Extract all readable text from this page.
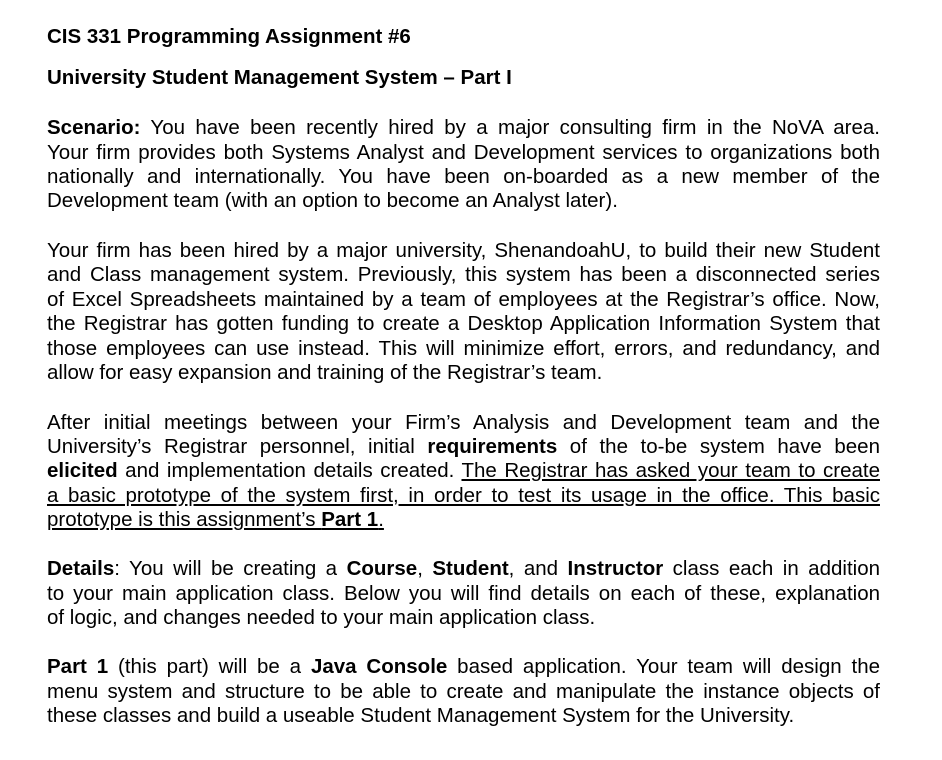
CIS 331 Programming Assignment #6
University Student Management System – Part I
Scenario: You have been recently hired by a major consulting firm in the NoVA area.
Your firm provides both Systems Analyst and Development services to organizations both
nationally and internationally. You have been on-boarded as a new member of the
Development team (with an option to become an Analyst later).
Your firm has been hired by a major university, ShenandoahU, to build their new Student
and Class management system. Previously, this system has been a disconnected series
of Excel Spreadsheets maintained by a team of employees at the Registrar’s office. Now,
the Registrar has gotten funding to create a Desktop Application Information System that
those employees can use instead. This will minimize effort, errors, and redundancy, and
allow for easy expansion and training of the Registrar’s team.
After initial meetings between your Firm’s Analysis and Development team and the
University’s Registrar personnel, initial requirements of the to-be system have been
elicited and implementation details created. The Registrar has asked your team to create
a basic prototype of the system first, in order to test its usage in the office. This basic
prototype is this assignment’s Part 1.
Details: You will be creating a Course, Student, and Instructor class each in addition
to your main application class. Below you will find details on each of these, explanation
of logic, and changes needed to your main application class.
Part 1 (this part) will be a Java Console based application. Your team will design the
menu system and structure to be able to create and manipulate the instance objects of
these classes and build a useable Student Management System for the University.
